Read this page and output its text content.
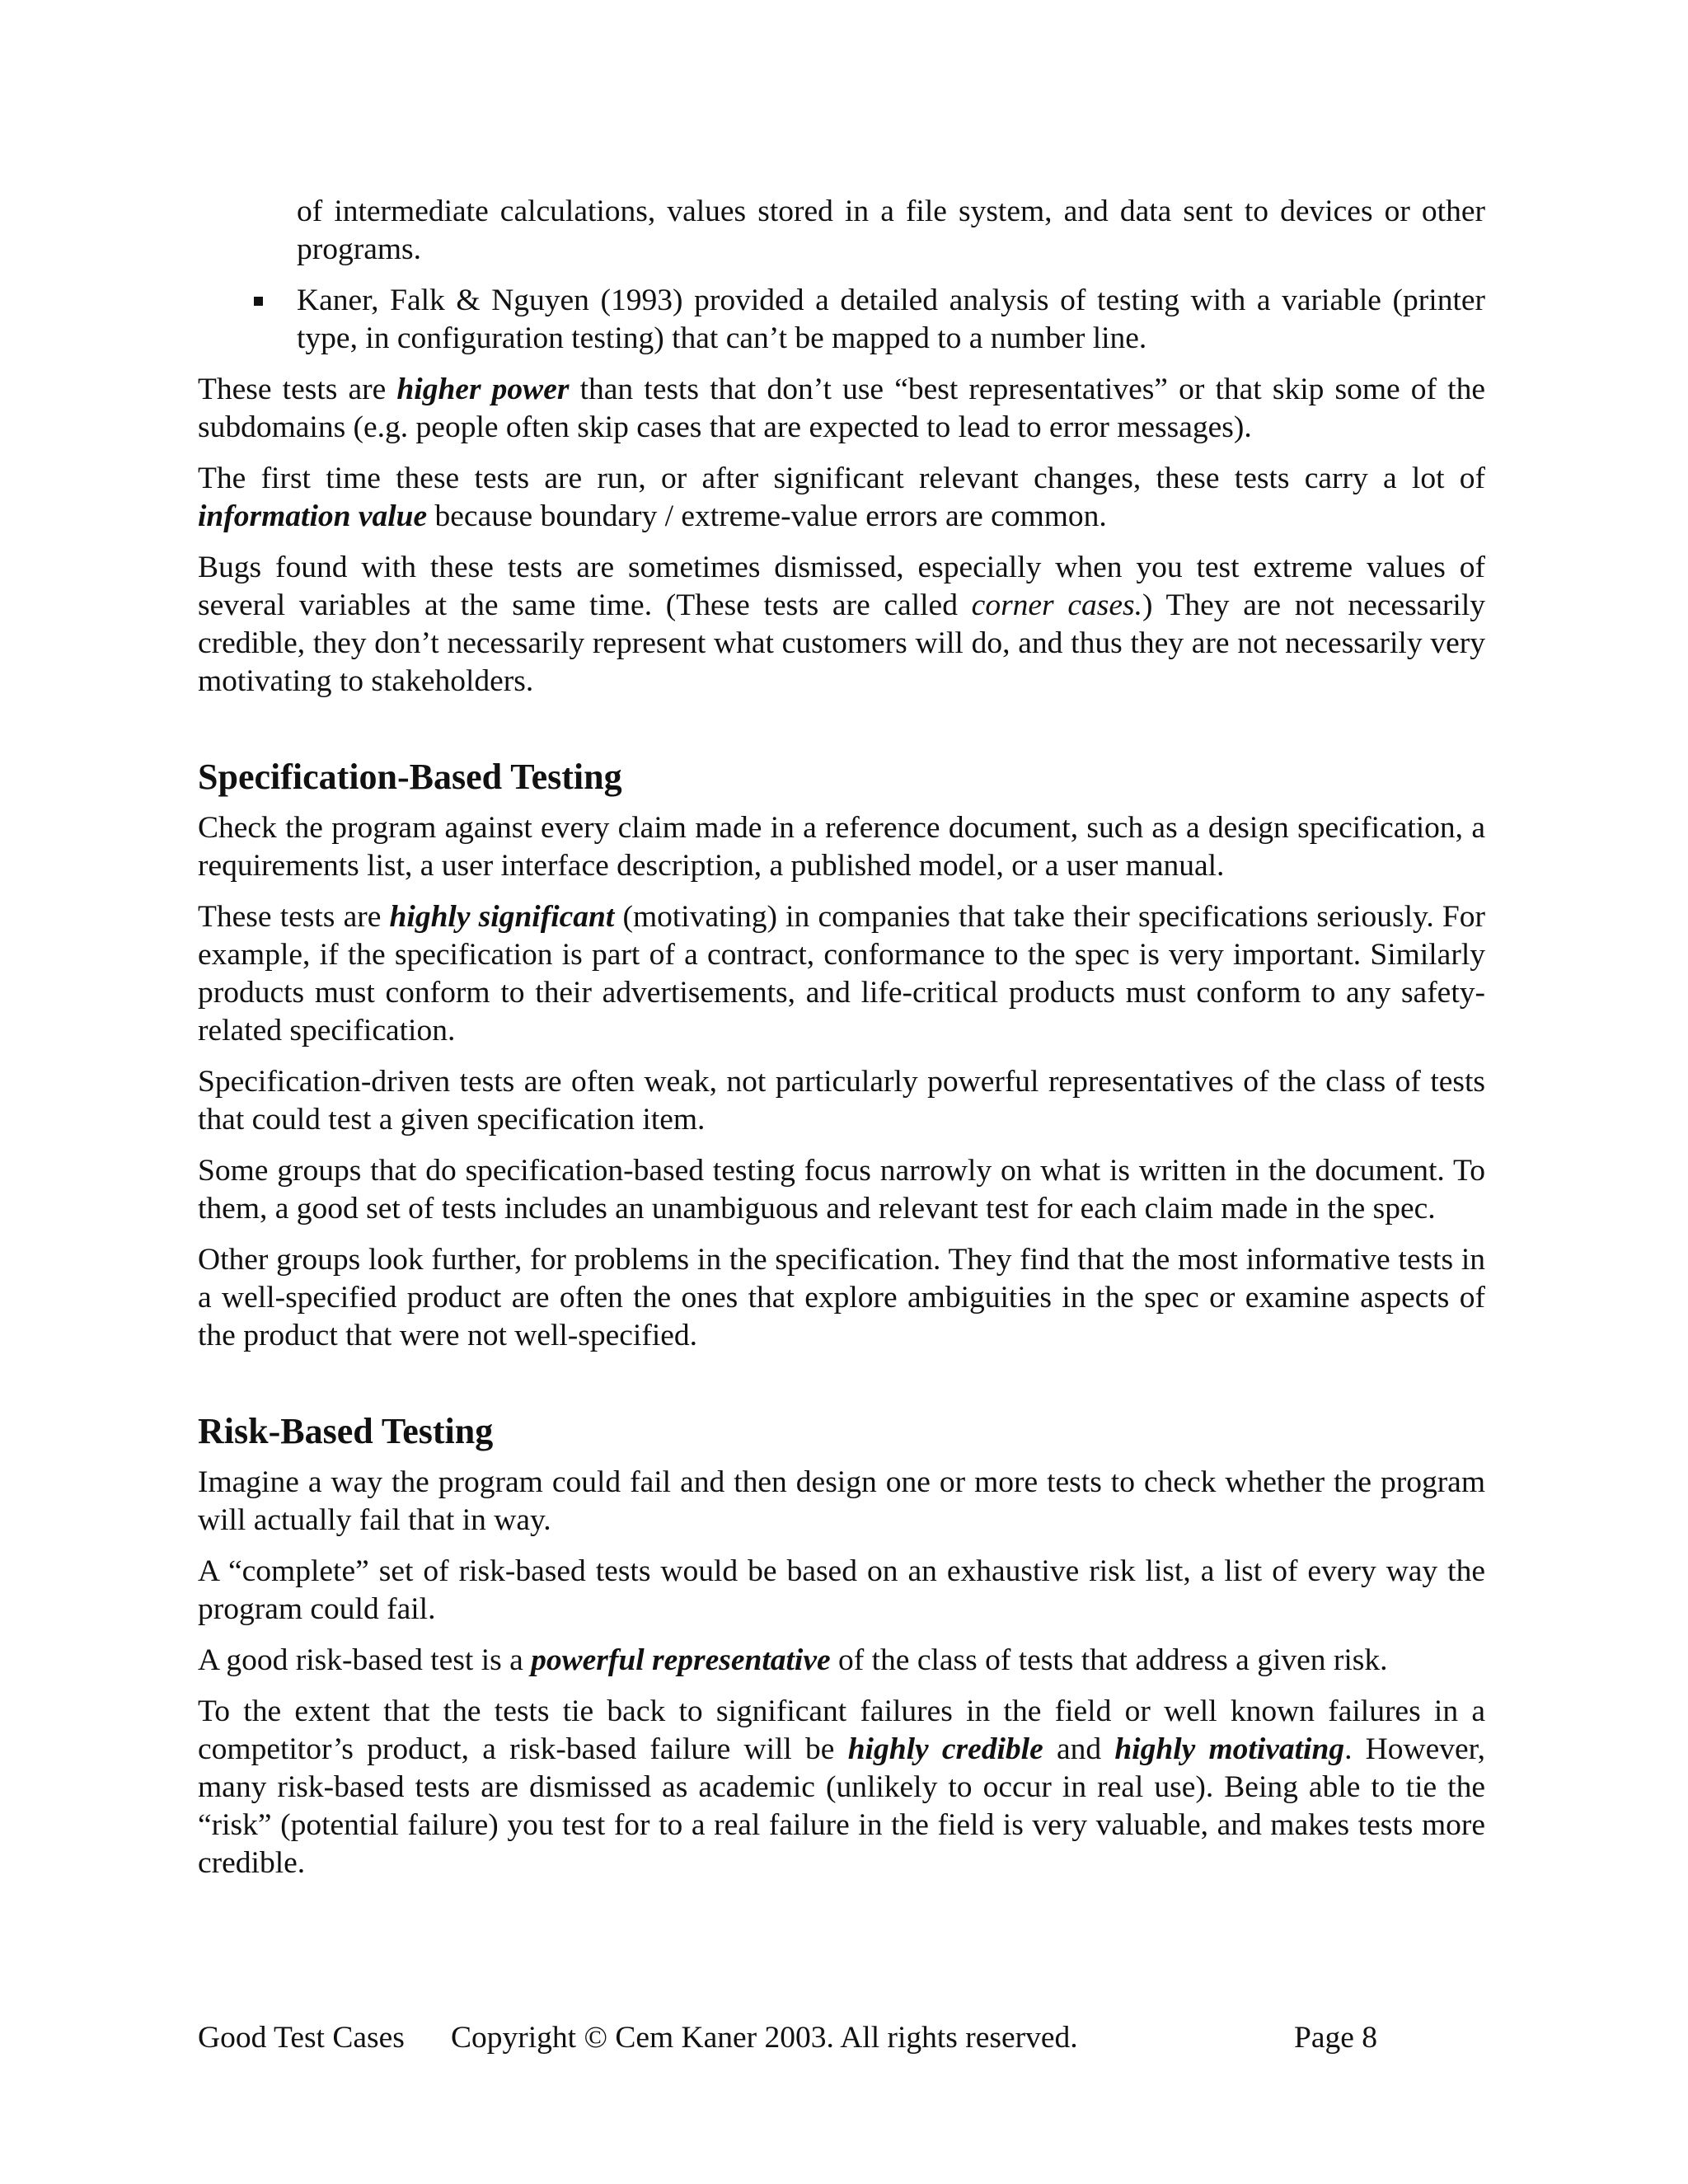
of intermediate calculations, values stored in a file system, and data sent to devices or other programs.

Kaner, Falk & Nguyen (1993) provided a detailed analysis of testing with a variable (printer type, in configuration testing) that can’t be mapped to a number line.

These tests are higher power than tests that don’t use “best representatives” or that skip some of the subdomains (e.g. people often skip cases that are expected to lead to error messages).

The first time these tests are run, or after significant relevant changes, these tests carry a lot of information value because boundary / extreme-value errors are common.

Bugs found with these tests are sometimes dismissed, especially when you test extreme values of several variables at the same time. (These tests are called corner cases.) They are not necessarily credible, they don’t necessarily represent what customers will do, and thus they are not necessarily very motivating to stakeholders.

Specification-Based Testing

Check the program against every claim made in a reference document, such as a design specification, a requirements list, a user interface description, a published model, or a user manual.

These tests are highly significant (motivating) in companies that take their specifications seriously. For example, if the specification is part of a contract, conformance to the spec is very important. Similarly products must conform to their advertisements, and life-critical products must conform to any safety-related specification.

Specification-driven tests are often weak, not particularly powerful representatives of the class of tests that could test a given specification item.

Some groups that do specification-based testing focus narrowly on what is written in the document. To them, a good set of tests includes an unambiguous and relevant test for each claim made in the spec.

Other groups look further, for problems in the specification. They find that the most informative tests in a well-specified product are often the ones that explore ambiguities in the spec or examine aspects of the product that were not well-specified.

Risk-Based Testing

Imagine a way the program could fail and then design one or more tests to check whether the program will actually fail that in way.

A “complete” set of risk-based tests would be based on an exhaustive risk list, a list of every way the program could fail.

A good risk-based test is a powerful representative of the class of tests that address a given risk.

To the extent that the tests tie back to significant failures in the field or well known failures in a competitor’s product, a risk-based failure will be highly credible and highly motivating. However, many risk-based tests are dismissed as academic (unlikely to occur in real use). Being able to tie the “risk” (potential failure) you test for to a real failure in the field is very valuable, and makes tests more credible.

Good Test Cases Copyright © Cem Kaner 2003. All rights reserved.	Page 8
